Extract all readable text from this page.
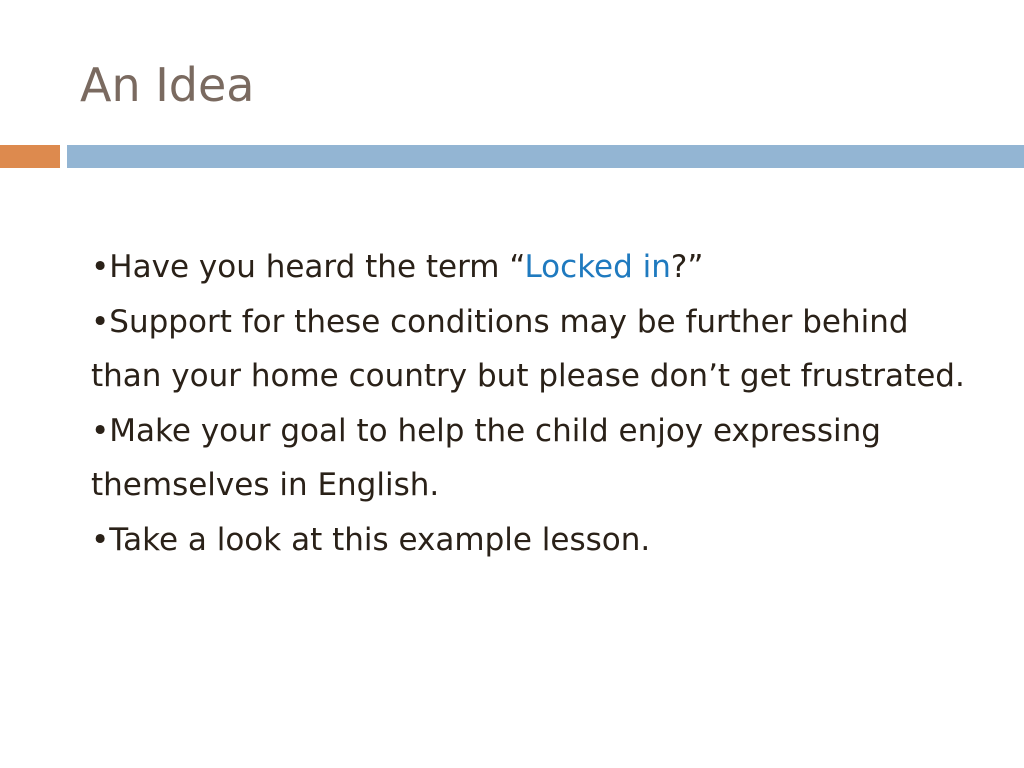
An Idea
•Have you heard the term “Locked in?”
•Support for these conditions may be further behind than your home country but please don’t get frustrated.
•Make your goal to help the child enjoy expressing themselves in English.
•Take a look at this example lesson.
